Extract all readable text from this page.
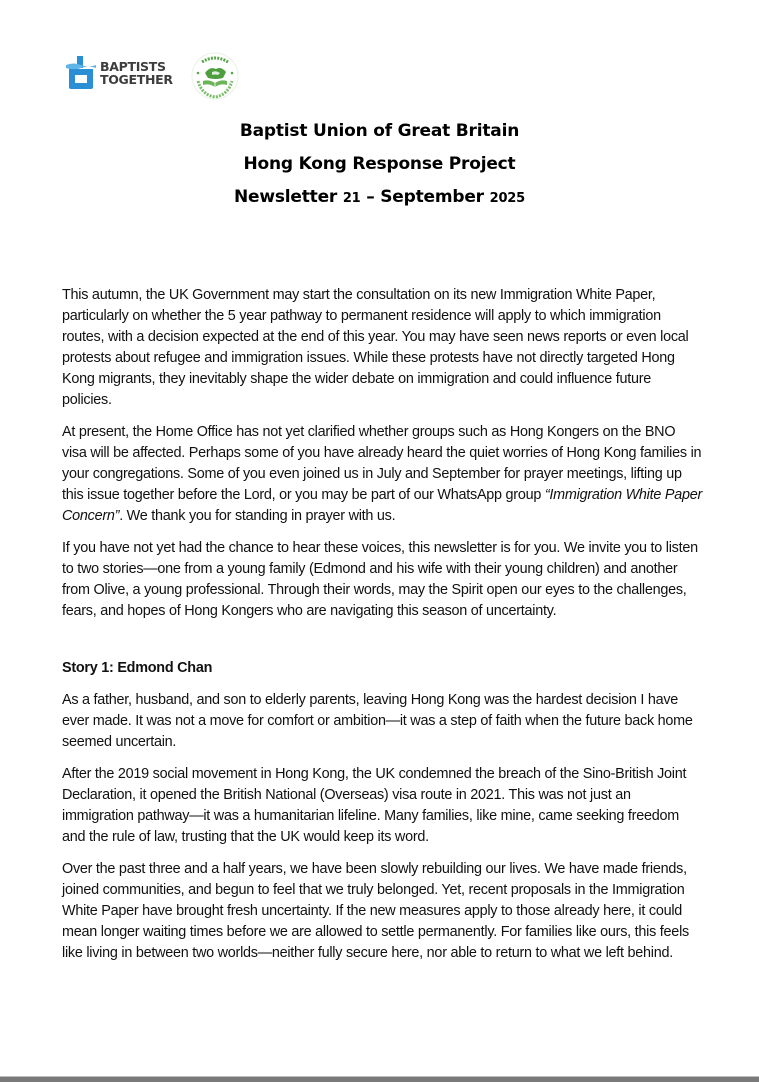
BAPTISTS
TOGETHER
Baptist Union of Great Britain
Hong Kong Response Project
Newsletter 21 – September 2025

This autumn, the UK Government may start the consultation on its new Immigration White Paper, particularly on whether the 5 year pathway to permanent residence will apply to which immigration routes, with a decision expected at the end of this year. You may have seen news reports or even local protests about refugee and immigration issues. While these protests have not directly targeted Hong Kong migrants, they inevitably shape the wider debate on immigration and could influence future policies.

At present, the Home Office has not yet clarified whether groups such as Hong Kongers on the BNO visa will be affected. Perhaps some of you have already heard the quiet worries of Hong Kong families in your congregations. Some of you even joined us in July and September for prayer meetings, lifting up this issue together before the Lord, or you may be part of our WhatsApp group “Immigration White Paper Concern”. We thank you for standing in prayer with us.

If you have not yet had the chance to hear these voices, this newsletter is for you. We invite you to listen to two stories—one from a young family (Edmond and his wife with their young children) and another from Olive, a young professional. Through their words, may the Spirit open our eyes to the challenges, fears, and hopes of Hong Kongers who are navigating this season of uncertainty.

Story 1: Edmond Chan

As a father, husband, and son to elderly parents, leaving Hong Kong was the hardest decision I have ever made. It was not a move for comfort or ambition—it was a step of faith when the future back home seemed uncertain.

After the 2019 social movement in Hong Kong, the UK condemned the breach of the Sino-British Joint Declaration, it opened the British National (Overseas) visa route in 2021. This was not just an immigration pathway—it was a humanitarian lifeline. Many families, like mine, came seeking freedom and the rule of law, trusting that the UK would keep its word.

Over the past three and a half years, we have been slowly rebuilding our lives. We have made friends, joined communities, and begun to feel that we truly belonged. Yet, recent proposals in the Immigration White Paper have brought fresh uncertainty. If the new measures apply to those already here, it could mean longer waiting times before we are allowed to settle permanently. For families like ours, this feels like living in between two worlds—neither fully secure here, nor able to return to what we left behind.
